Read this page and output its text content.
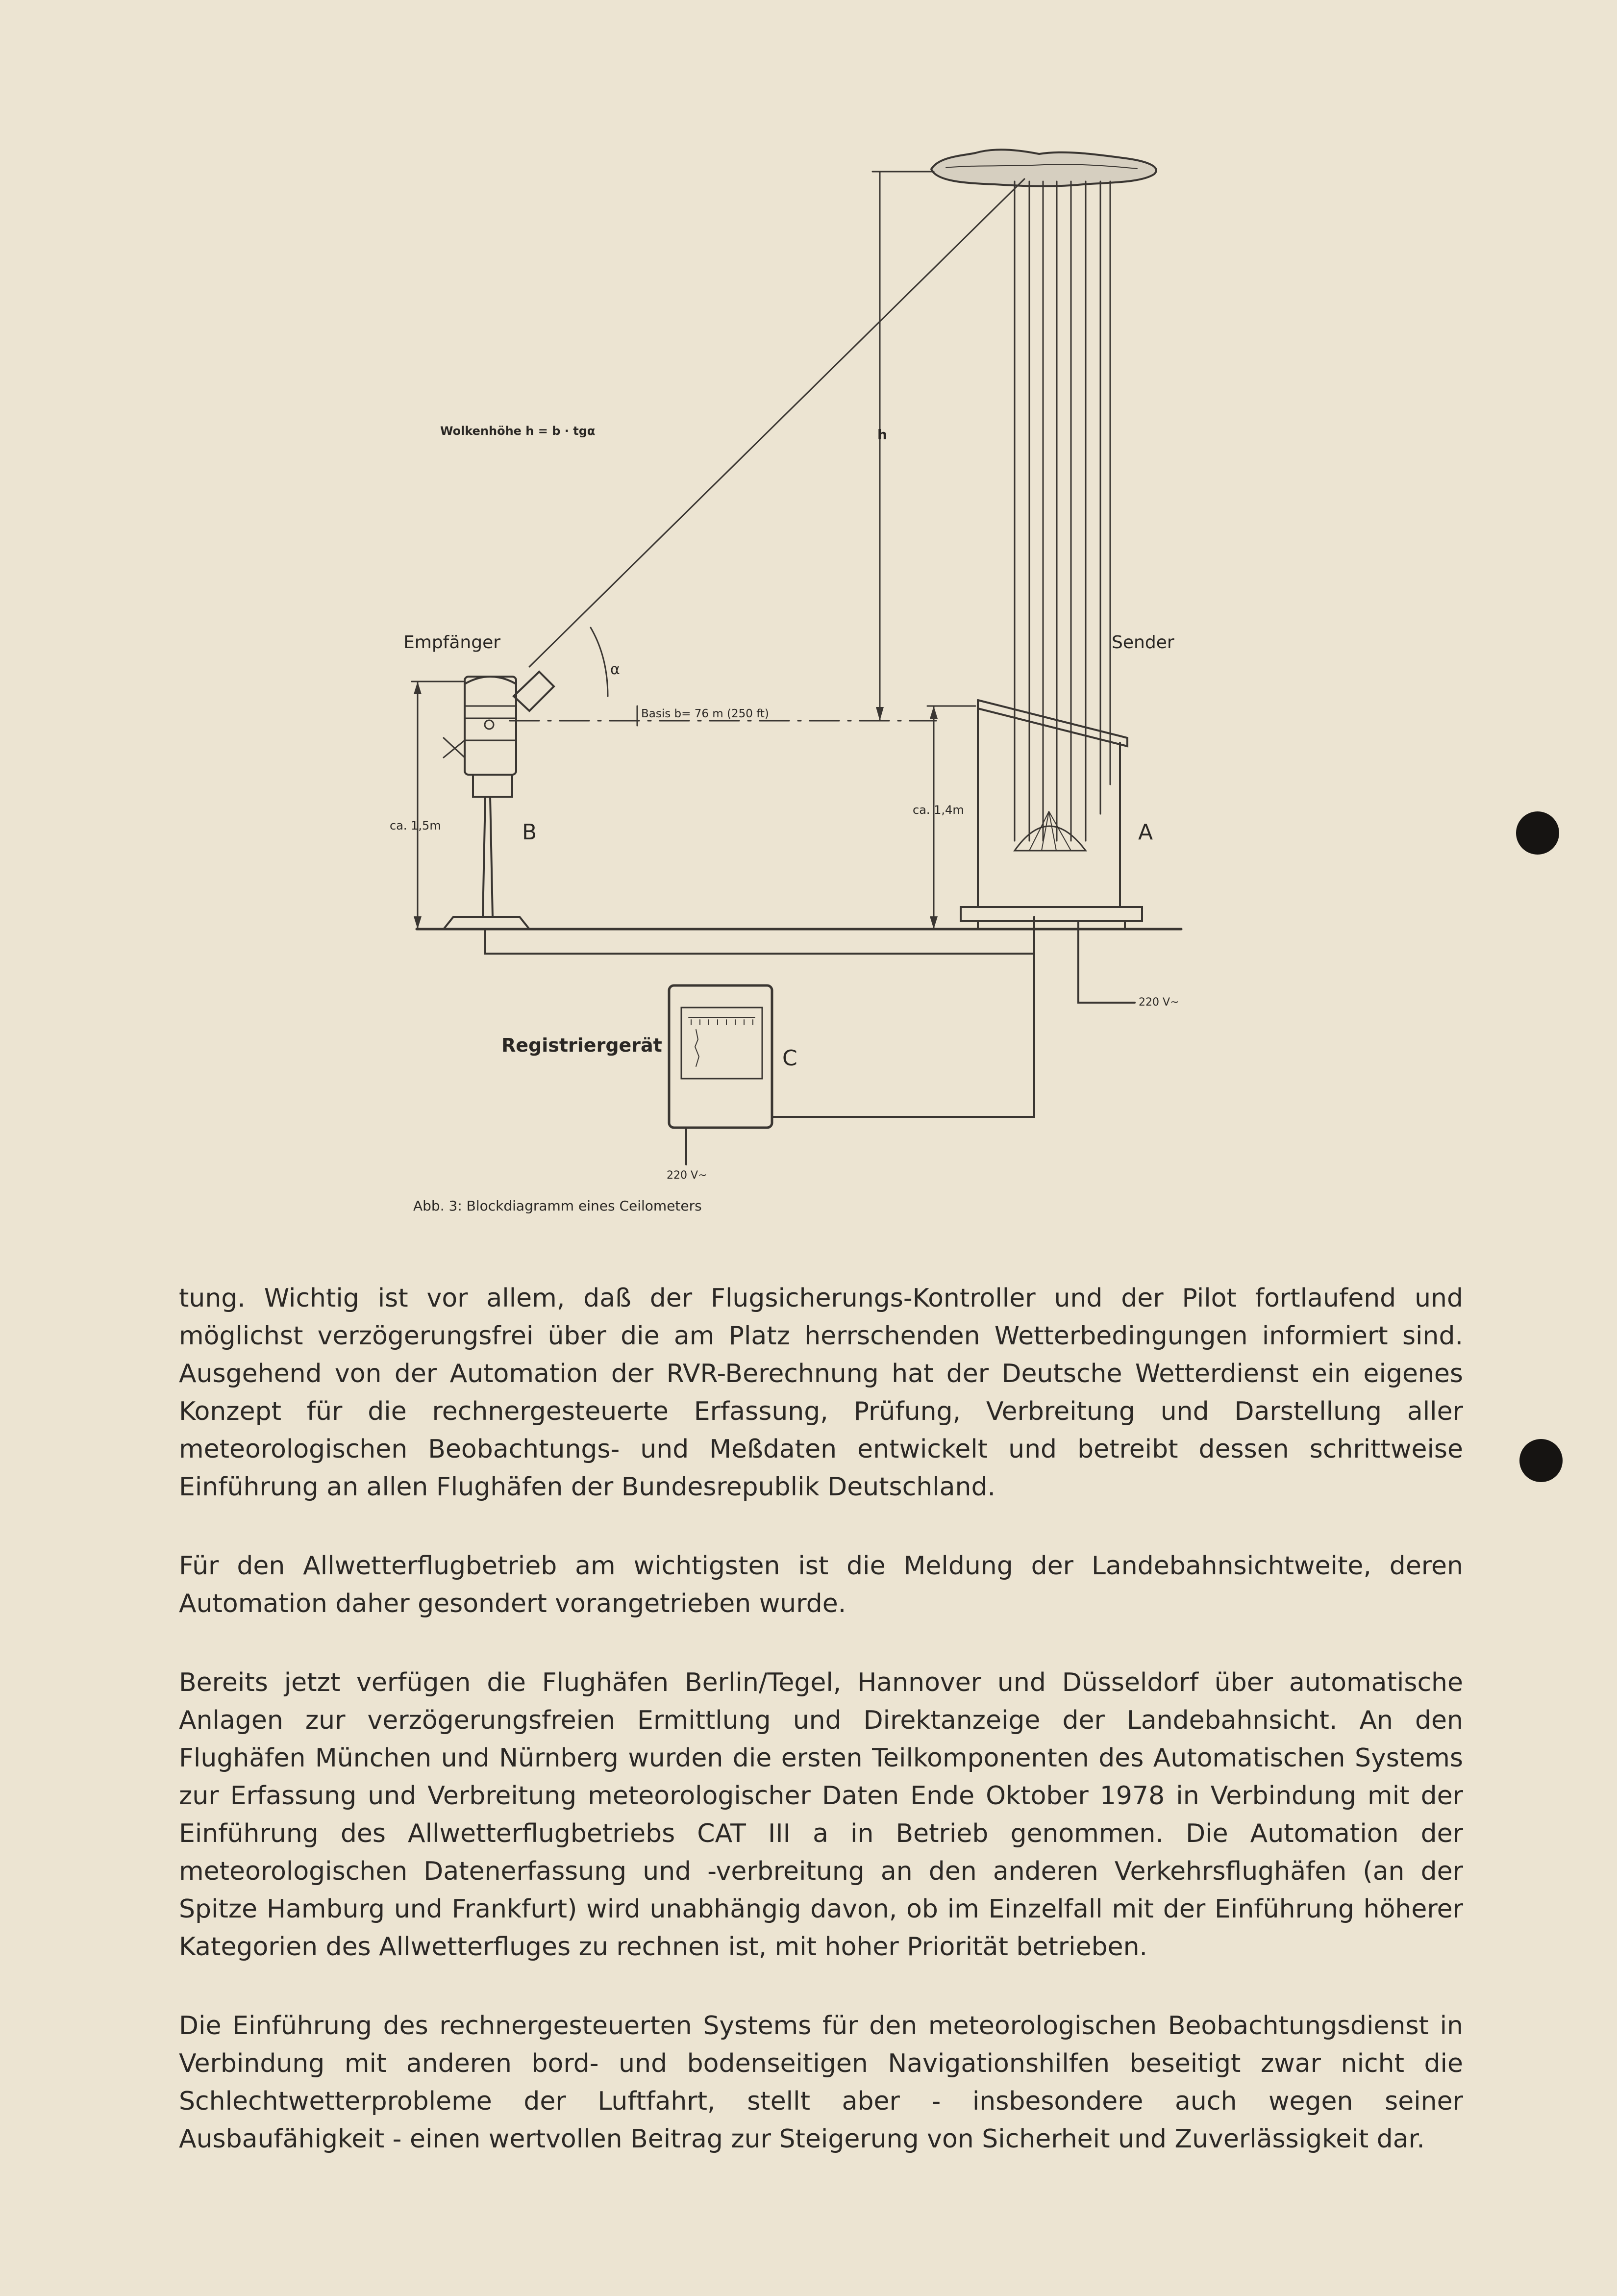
Wolkenhöhe h = b · tgα	h
α
Empfänger	Sender
Basis b= 76 m (250 ft)
ca. 1,5m
ca. 1,4m
B	A
C
220 V~
220 V~
Registriergerät
Abb. 3: Blockdiagramm eines Ceilometers

tung. Wichtig ist vor allem, daß der Flugsicherungs-Kontroller und der Pilot fortlaufend und möglichst verzögerungsfrei über die am Platz herrschenden Wetterbedingungen informiert sind. Ausgehend von der Automation der RVR-Berechnung hat der Deutsche Wetterdienst ein eigenes Konzept für die rechnergesteuerte Erfassung, Prüfung, Verbreitung und Darstellung aller meteorologischen Beobachtungs- und Meßdaten entwickelt und betreibt dessen schrittweise Einführung an allen Flughäfen der Bundesrepublik Deutschland.

Für den Allwetterflugbetrieb am wichtigsten ist die Meldung der Landebahnsichtweite, deren Automation daher gesondert vorangetrieben wurde.

Bereits jetzt verfügen die Flughäfen Berlin/Tegel, Hannover und Düsseldorf über automatische Anlagen zur verzögerungsfreien Ermittlung und Direktanzeige der Landebahnsicht. An den Flughäfen München und Nürnberg wurden die ersten Teilkomponenten des Automatischen Systems zur Erfassung und Verbreitung meteorologischer Daten Ende Oktober 1978 in Verbindung mit der Einführung des Allwetterflugbetriebs CAT III a in Betrieb genommen. Die Automation der meteorologischen Datenerfassung und -verbreitung an den anderen Verkehrsflughäfen (an der Spitze Hamburg und Frankfurt) wird unabhängig davon, ob im Einzelfall mit der Einführung höherer Kategorien des Allwetterfluges zu rechnen ist, mit hoher Priorität betrieben.

Die Einführung des rechnergesteuerten Systems für den meteorologischen Beobachtungsdienst in Verbindung mit anderen bord- und bodenseitigen Navigationshilfen beseitigt zwar nicht die Schlechtwetterprobleme der Luftfahrt, stellt aber - insbesondere auch wegen seiner Ausbaufähigkeit - einen wertvollen Beitrag zur Steigerung von Sicherheit und Zuverlässigkeit dar.
